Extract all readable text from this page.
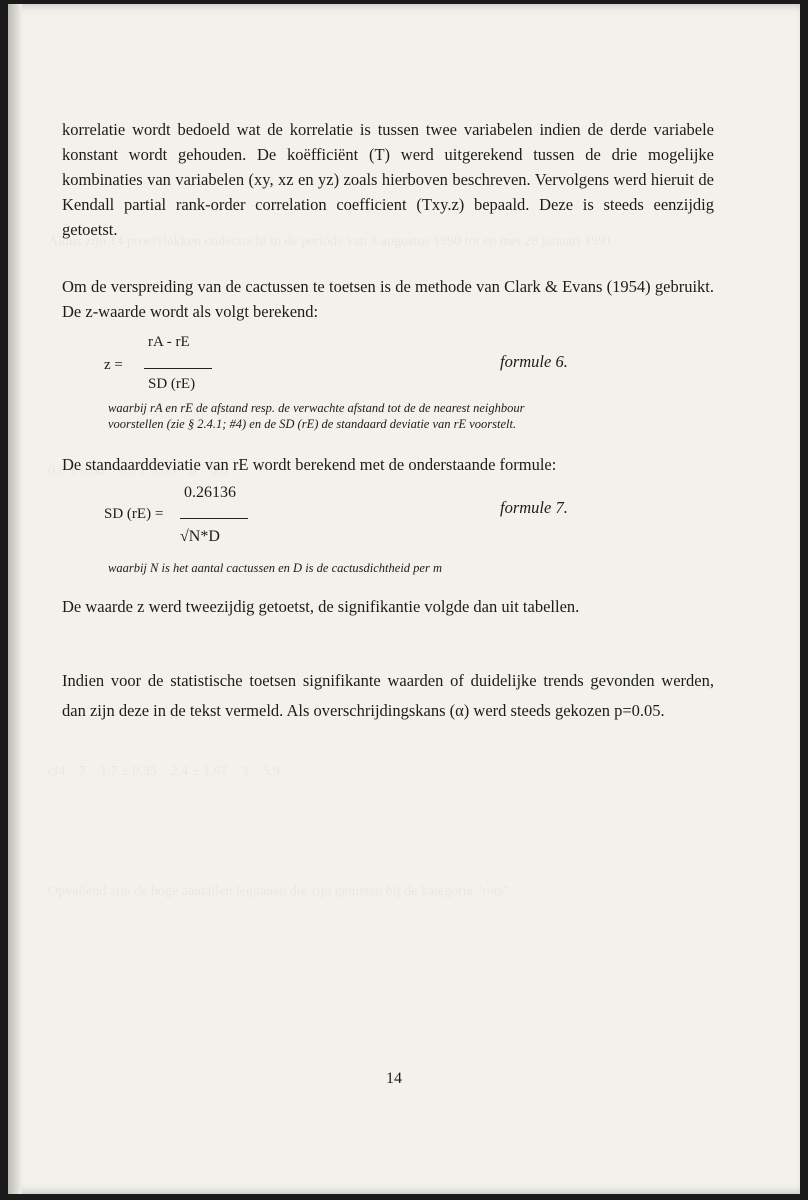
korrelatie wordt bedoeld wat de korrelatie is tussen twee variabelen indien de derde variabele konstant wordt gehouden. De koëfficiënt (T) werd uitgerekend tussen de drie mogelijke kombinaties van variabelen (xy, xz en yz) zoals hierboven beschreven. Vervolgens werd hieruit de Kendall partial rank-order correlation coefficient (Txy.z) bepaald. Deze is steeds eenzijdig getoetst.

Om de verspreiding van de cactussen te toetsen is de methode van Clark & Evans (1954) gebruikt. De z-waarde wordt als volgt berekend:

rA - rE
z =
SD (rE)
formule 6.
waarbij rA en rE de afstand resp. de verwachte afstand tot de de nearest neighbour
voorstellen (zie § 2.4.1; #4) en de SD (rE) de standaard deviatie van rE voorstelt.
De standaarddeviatie van rE wordt berekend met de onderstaande formule:
0.26136
SD (rE) =
√N*D
formule 7.
waarbij N is het aantal cactussen en D is de cactusdichtheid per m
De waarde z werd tweezijdig getoetst, de signifikantie volgde dan uit tabellen.
Indien voor de statistische toetsen signifikante waarden of duidelijke trends gevonden werden,
dan zijn deze in de tekst vermeld. Als overschrijdingskans (α) werd steeds gekozen p=0.05.
14
